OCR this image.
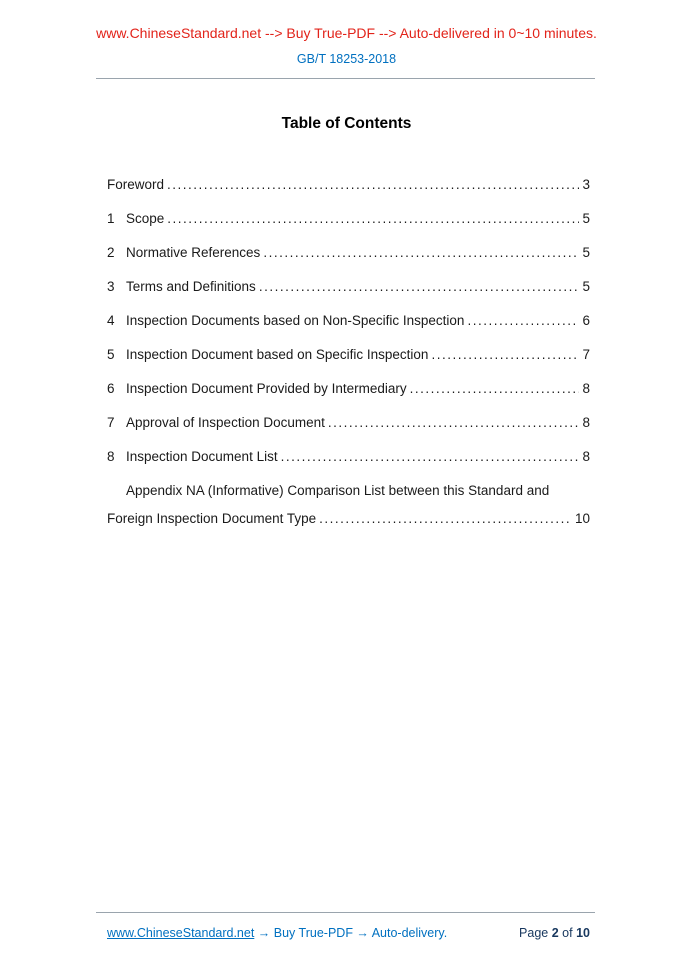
www.ChineseStandard.net --> Buy True-PDF --> Auto-delivered in 0~10 minutes.
GB/T 18253-2018
Table of Contents
Foreword .....	3
1 Scope .....	5
2 Normative References .....	5
3 Terms and Definitions .....	5
4 Inspection Documents based on Non-Specific Inspection .....	6
5 Inspection Document based on Specific Inspection .....	7
6 Inspection Document Provided by Intermediary .....	8
7 Approval of Inspection Document .....	8
8 Inspection Document List .....	8
Appendix NA (Informative) Comparison List between this Standard and
Foreign Inspection Document Type .....	10
www.ChineseStandard.net → Buy True-PDF → Auto-delivery.	Page 2 of 10
